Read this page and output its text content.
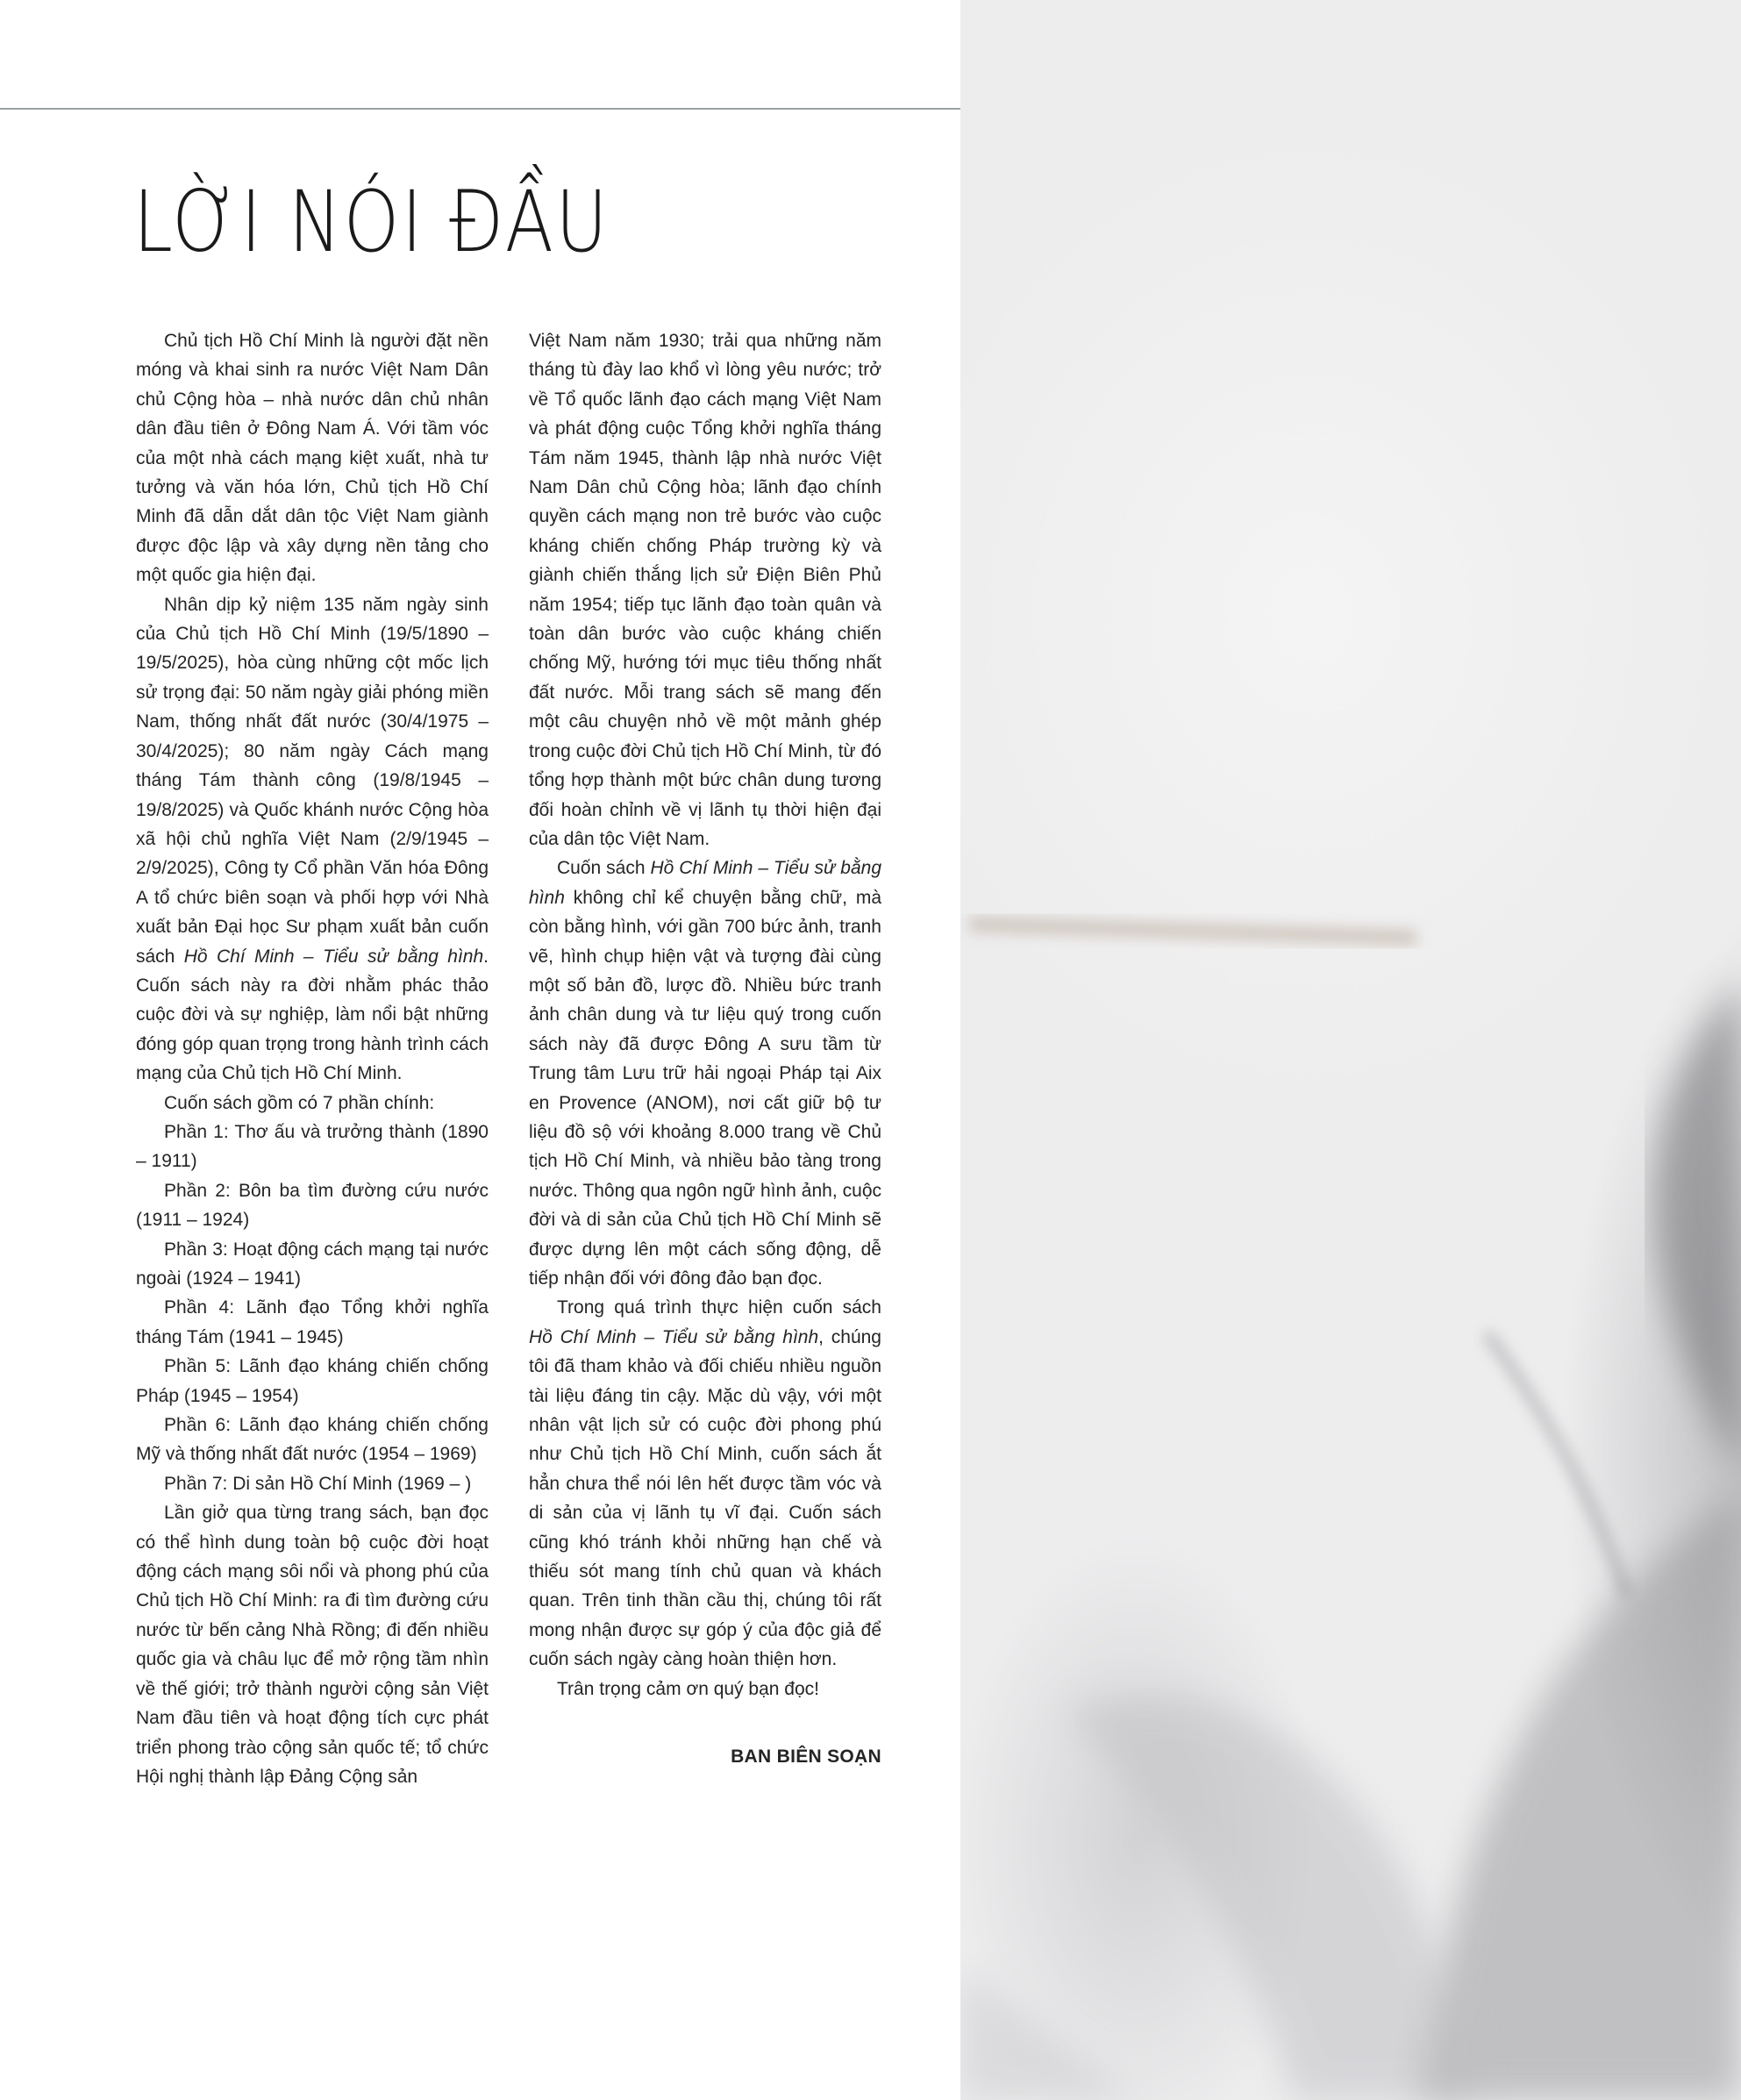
LỜI NÓI ĐẦU

Chủ tịch Hồ Chí Minh là người đặt nền móng và khai sinh ra nước Việt Nam Dân chủ Cộng hòa – nhà nước dân chủ nhân dân đầu tiên ở Đông Nam Á. Với tầm vóc của một nhà cách mạng kiệt xuất, nhà tư tưởng và văn hóa lớn, Chủ tịch Hồ Chí Minh đã dẫn dắt dân tộc Việt Nam giành được độc lập và xây dựng nền tảng cho một quốc gia hiện đại.

Nhân dịp kỷ niệm 135 năm ngày sinh của Chủ tịch Hồ Chí Minh (19/5/1890 – 19/5/2025), hòa cùng những cột mốc lịch sử trọng đại: 50 năm ngày giải phóng miền Nam, thống nhất đất nước (30/4/1975 – 30/4/2025); 80 năm ngày Cách mạng tháng Tám thành công (19/8/1945 – 19/8/2025) và Quốc khánh nước Cộng hòa xã hội chủ nghĩa Việt Nam (2/9/1945 – 2/9/2025), Công ty Cổ phần Văn hóa Đông A tổ chức biên soạn và phối hợp với Nhà xuất bản Đại học Sư phạm xuất bản cuốn sách Hồ Chí Minh – Tiểu sử bằng hình. Cuốn sách này ra đời nhằm phác thảo cuộc đời và sự nghiệp, làm nổi bật những đóng góp quan trọng trong hành trình cách mạng của Chủ tịch Hồ Chí Minh.

Cuốn sách gồm có 7 phần chính:

Phần 1: Thơ ấu và trưởng thành (1890 – 1911)

Phần 2: Bôn ba tìm đường cứu nước (1911 – 1924)

Phần 3: Hoạt động cách mạng tại nước ngoài (1924 – 1941)

Phần 4: Lãnh đạo Tổng khởi nghĩa tháng Tám (1941 – 1945)

Phần 5: Lãnh đạo kháng chiến chống Pháp (1945 – 1954)

Phần 6: Lãnh đạo kháng chiến chống Mỹ và thống nhất đất nước (1954 – 1969)

Phần 7: Di sản Hồ Chí Minh (1969 – )

Lần giở qua từng trang sách, bạn đọc có thể hình dung toàn bộ cuộc đời hoạt động cách mạng sôi nổi và phong phú của Chủ tịch Hồ Chí Minh: ra đi tìm đường cứu nước từ bến cảng Nhà Rồng; đi đến nhiều quốc gia và châu lục để mở rộng tầm nhìn về thế giới; trở thành người cộng sản Việt Nam đầu tiên và hoạt động tích cực phát triển phong trào cộng sản quốc tế; tổ chức Hội nghị thành lập Đảng Cộng sản

Việt Nam năm 1930; trải qua những năm tháng tù đày lao khổ vì lòng yêu nước; trở về Tổ quốc lãnh đạo cách mạng Việt Nam và phát động cuộc Tổng khởi nghĩa tháng Tám năm 1945, thành lập nhà nước Việt Nam Dân chủ Cộng hòa; lãnh đạo chính quyền cách mạng non trẻ bước vào cuộc kháng chiến chống Pháp trường kỳ và giành chiến thắng lịch sử Điện Biên Phủ năm 1954; tiếp tục lãnh đạo toàn quân và toàn dân bước vào cuộc kháng chiến chống Mỹ, hướng tới mục tiêu thống nhất đất nước. Mỗi trang sách sẽ mang đến một câu chuyện nhỏ về một mảnh ghép trong cuộc đời Chủ tịch Hồ Chí Minh, từ đó tổng hợp thành một bức chân dung tương đối hoàn chỉnh về vị lãnh tụ thời hiện đại của dân tộc Việt Nam.

Cuốn sách Hồ Chí Minh – Tiểu sử bằng hình không chỉ kể chuyện bằng chữ, mà còn bằng hình, với gần 700 bức ảnh, tranh vẽ, hình chụp hiện vật và tượng đài cùng một số bản đồ, lược đồ. Nhiều bức tranh ảnh chân dung và tư liệu quý trong cuốn sách này đã được Đông A sưu tầm từ Trung tâm Lưu trữ hải ngoại Pháp tại Aix en Provence (ANOM), nơi cất giữ bộ tư liệu đồ sộ với khoảng 8.000 trang về Chủ tịch Hồ Chí Minh, và nhiều bảo tàng trong nước. Thông qua ngôn ngữ hình ảnh, cuộc đời và di sản của Chủ tịch Hồ Chí Minh sẽ được dựng lên một cách sống động, dễ tiếp nhận đối với đông đảo bạn đọc.

Trong quá trình thực hiện cuốn sách Hồ Chí Minh – Tiểu sử bằng hình, chúng tôi đã tham khảo và đối chiếu nhiều nguồn tài liệu đáng tin cậy. Mặc dù vậy, với một nhân vật lịch sử có cuộc đời phong phú như Chủ tịch Hồ Chí Minh, cuốn sách ắt hẳn chưa thể nói lên hết được tầm vóc và di sản của vị lãnh tụ vĩ đại. Cuốn sách cũng khó tránh khỏi những hạn chế và thiếu sót mang tính chủ quan và khách quan. Trên tinh thần cầu thị, chúng tôi rất mong nhận được sự góp ý của độc giả để cuốn sách ngày càng hoàn thiện hơn.

Trân trọng cảm ơn quý bạn đọc!

BAN BIÊN SOẠN
